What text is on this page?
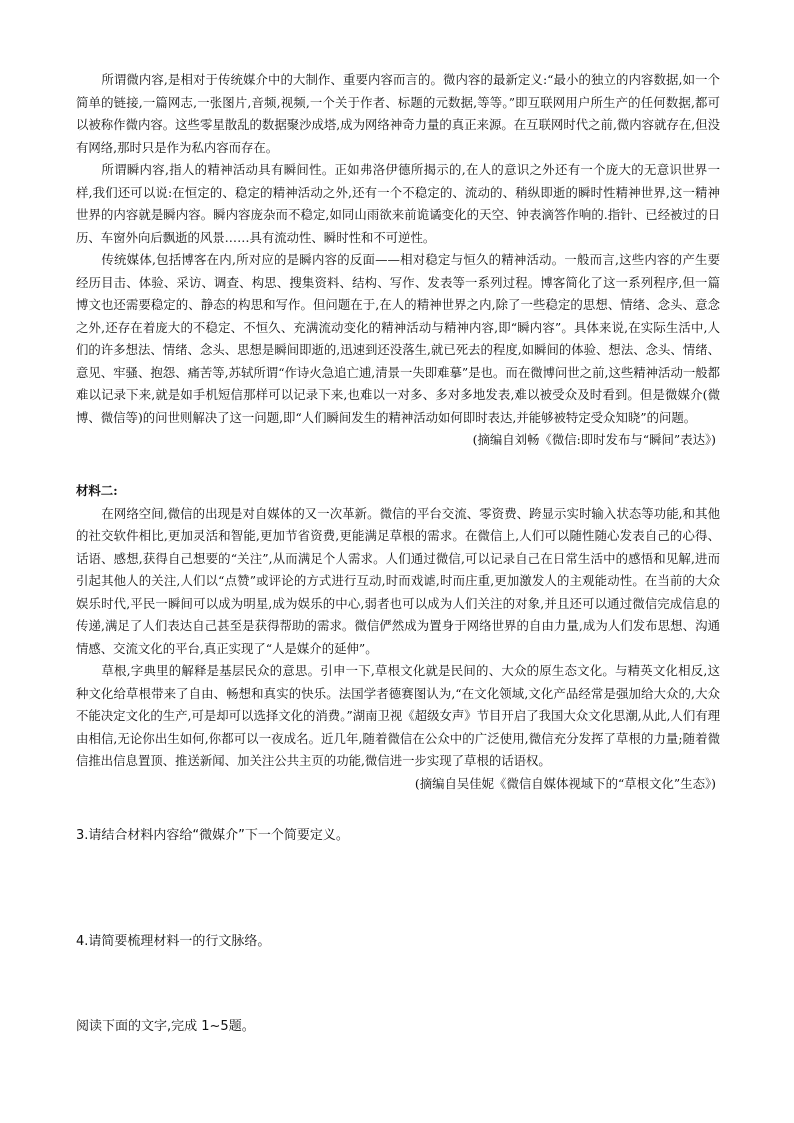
所谓微内容,是相对于传统媒介中的大制作、重要内容而言的。微内容的最新定义:“最小的独立的内容数据,如一个简单的链接,一篇网志,一张图片,音频,视频,一个关于作者、标题的元数据,等等。”即互联网用户所生产的任何数据,都可以被称作微内容。这些零星散乱的数据聚沙成塔,成为网络神奇力量的真正来源。在互联网时代之前,微内容就存在,但没有网络,那时只是作为私内容而存在。

所谓瞬内容,指人的精神活动具有瞬间性。正如弗洛伊德所揭示的,在人的意识之外还有一个庞大的无意识世界一样,我们还可以说:在恒定的、稳定的精神活动之外,还有一个不稳定的、流动的、稍纵即逝的瞬时性精神世界,这一精神世界的内容就是瞬内容。瞬内容庞杂而不稳定,如同山雨欲来前诡谲变化的天空、钟表滴答作响的.指针、已经被过的日历、车窗外向后飘逝的风景……具有流动性、瞬时性和不可逆性。

传统媒体,包括博客在内,所对应的是瞬内容的反面——相对稳定与恒久的精神活动。一般而言,这些内容的产生要经历目击、体验、采访、调查、构思、搜集资料、结构、写作、发表等一系列过程。博客简化了这一系列程序,但一篇博文也还需要稳定的、静态的构思和写作。但问题在于,在人的精神世界之内,除了一些稳定的思想、情绪、念头、意念之外,还存在着庞大的不稳定、不恒久、充满流动变化的精神活动与精神内容,即“瞬内容”。具体来说,在实际生活中,人们的许多想法、情绪、念头、思想是瞬间即逝的,迅速到还没落生,就已死去的程度,如瞬间的体验、想法、念头、情绪、意见、牢骚、抱怨、痛苦等,苏轼所谓“作诗火急追亡逋,清景一失即难摹”是也。而在微博问世之前,这些精神活动一般都难以记录下来,就是如手机短信那样可以记录下来,也难以一对多、多对多地发表,难以被受众及时看到。但是微媒介(微博、微信等)的问世则解决了这一问题,即“人们瞬间发生的精神活动如何即时表达,并能够被特定受众知晓”的问题。

(摘编自刘畅《微信:即时发布与“瞬间”表达》)

材料二:

在网络空间,微信的出现是对自媒体的又一次革新。微信的平台交流、零资费、跨显示实时输入状态等功能,和其他的社交软件相比,更加灵活和智能,更加节省资费,更能满足草根的需求。在微信上,人们可以随性随心发表自己的心得、话语、感想,获得自己想要的“关注”,从而满足个人需求。人们通过微信,可以记录自己在日常生活中的感悟和见解,进而引起其他人的关注,人们以“点赞”或评论的方式进行互动,时而戏谑,时而庄重,更加激发人的主观能动性。在当前的大众娱乐时代,平民一瞬间可以成为明星,成为娱乐的中心,弱者也可以成为人们关注的对象,并且还可以通过微信完成信息的传递,满足了人们表达自己甚至是获得帮助的需求。微信俨然成为置身于网络世界的自由力量,成为人们发布思想、沟通情感、交流文化的平台,真正实现了“人是媒介的延伸”。

草根,字典里的解释是基层民众的意思。引申一下,草根文化就是民间的、大众的原生态文化。与精英文化相反,这种文化给草根带来了自由、畅想和真实的快乐。法国学者德赛图认为,“在文化领域,文化产品经常是强加给大众的,大众不能决定文化的生产,可是却可以选择文化的消费。”湖南卫视《超级女声》节目开启了我国大众文化思潮,从此,人们有理由相信,无论你出生如何,你都可以一夜成名。近几年,随着微信在公众中的广泛使用,微信充分发挥了草根的力量;随着微信推出信息置顶、推送新闻、加关注公共主页的功能,微信进一步实现了草根的话语权。

(摘编自吴佳妮《微信自媒体视域下的“草根文化”生态》)

3.请结合材料内容给“微媒介”下一个简要定义。

4.请简要梳理材料一的行文脉络。

阅读下面的文字,完成 1~5题。
